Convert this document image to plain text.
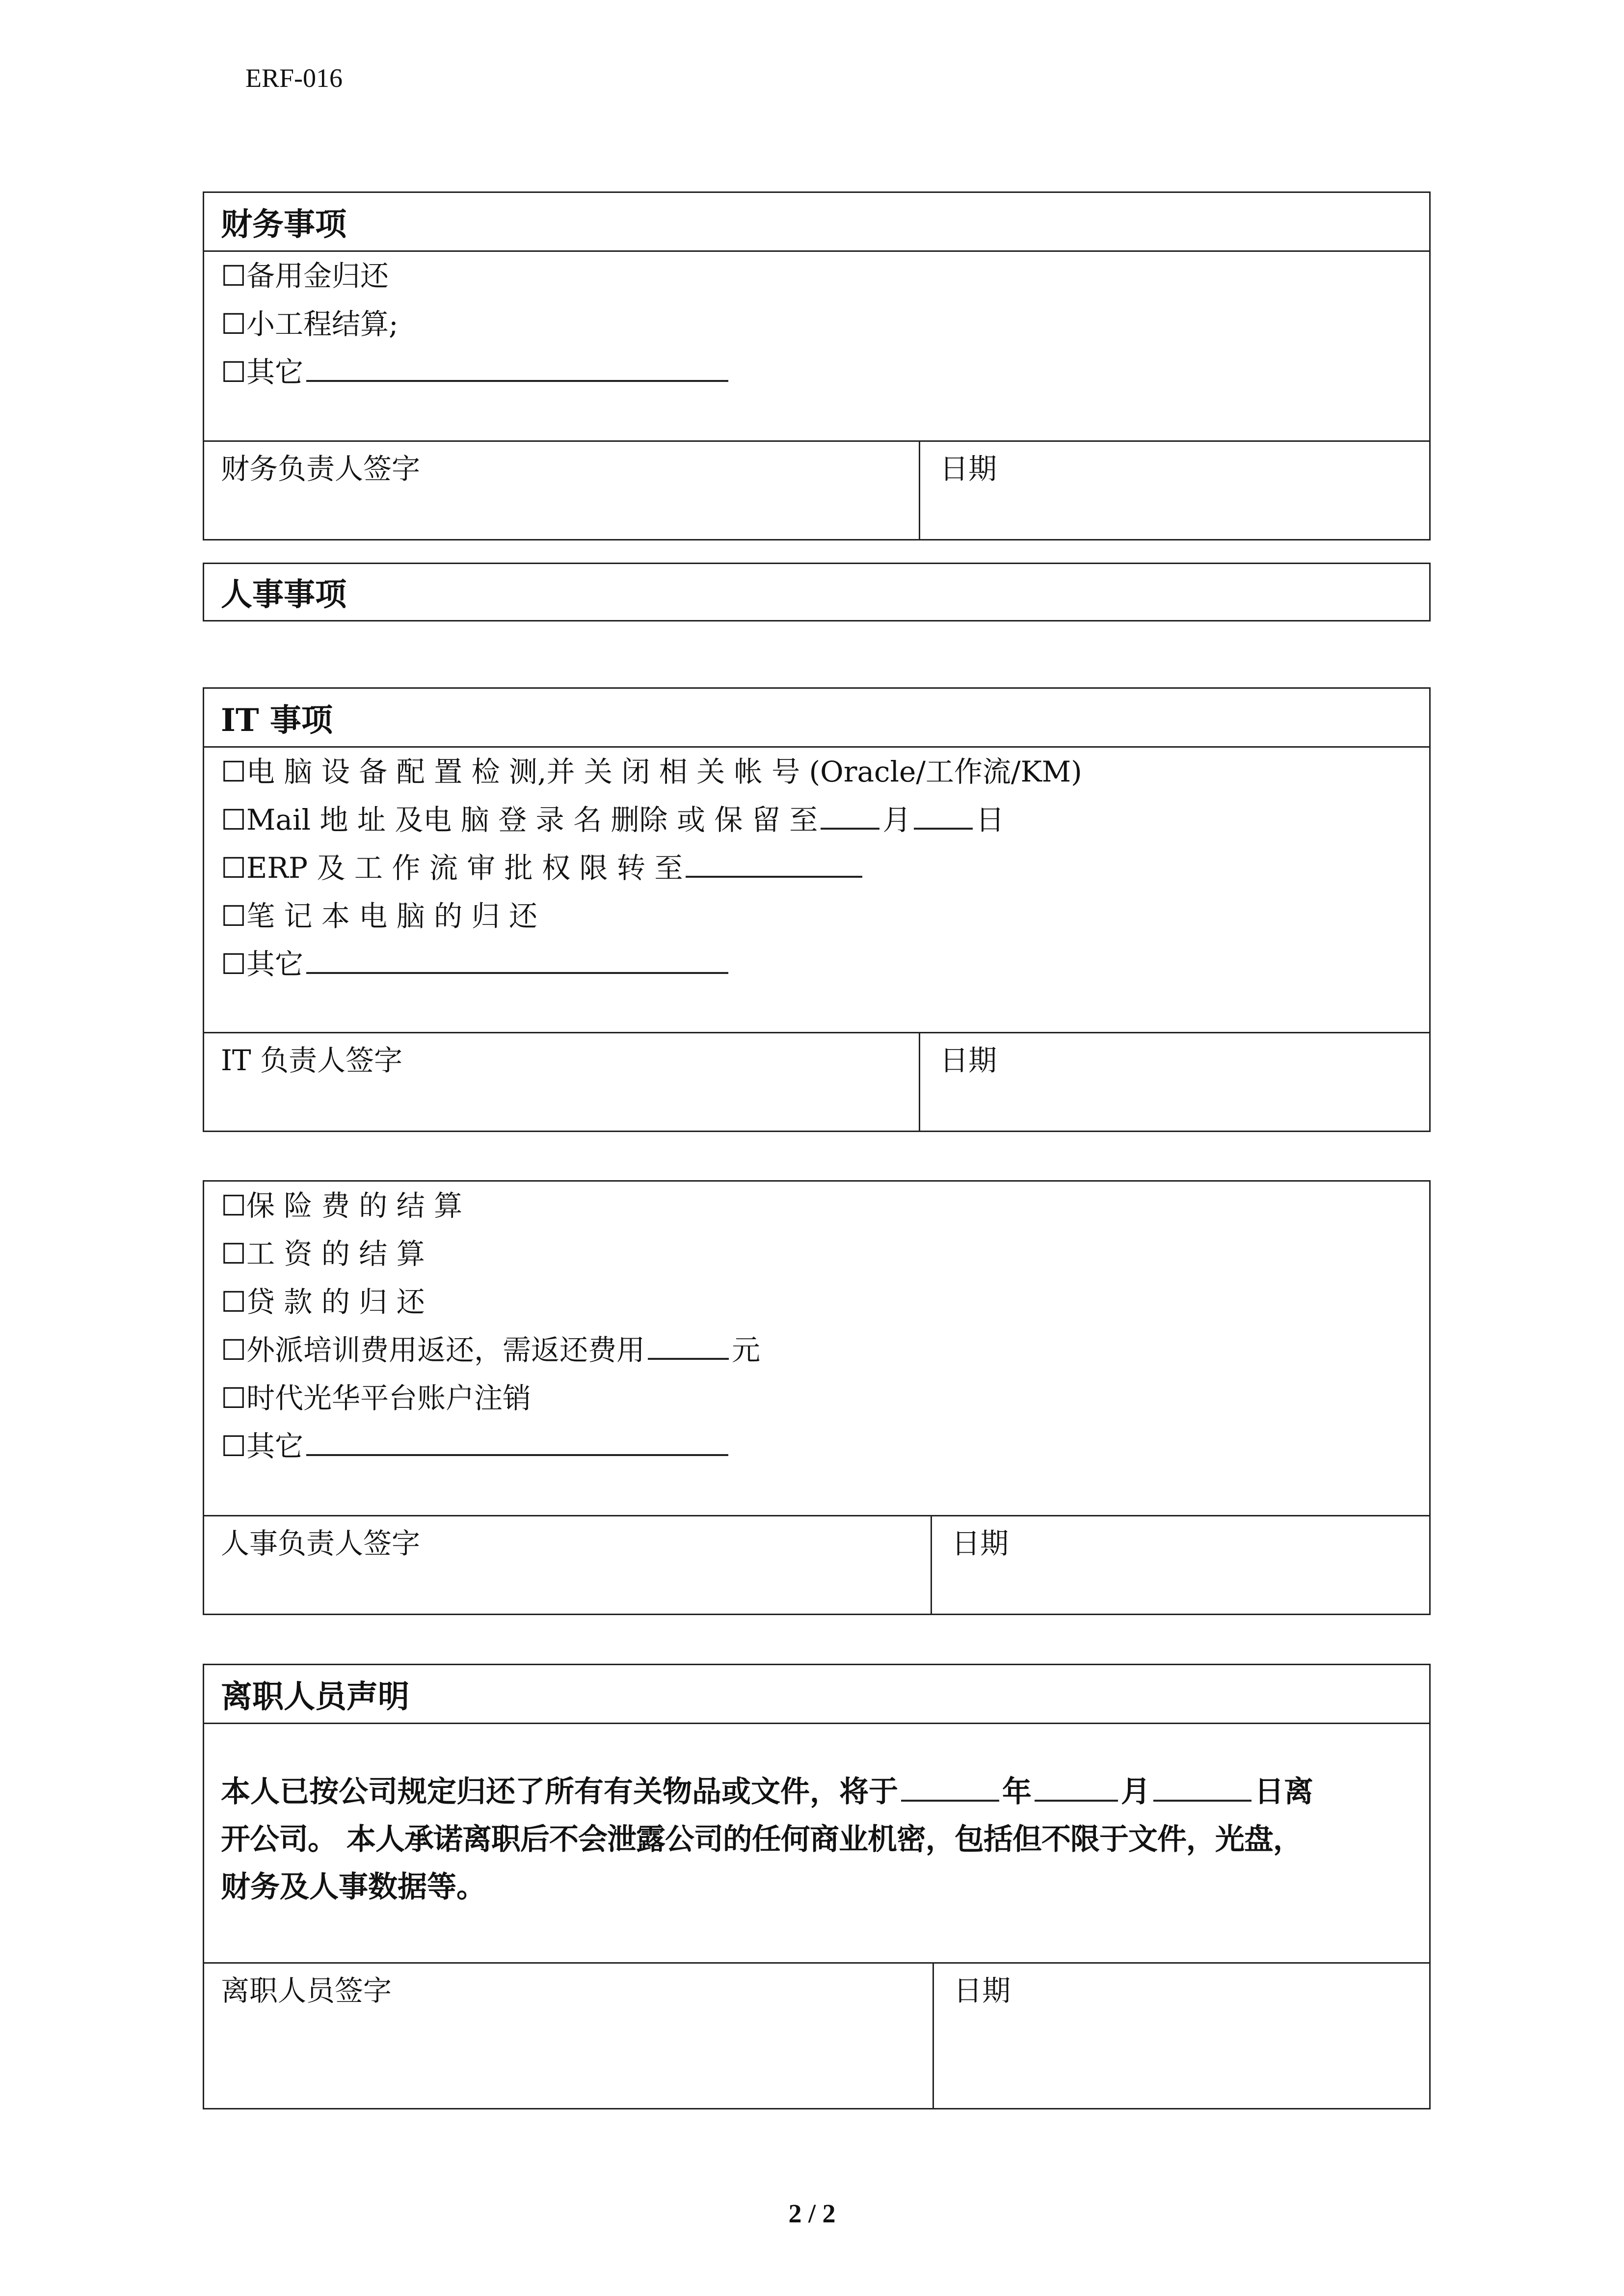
ERF-016
财务事项
☐备用金归还
☐小工程结算;
☐其它
财务负责人签字	日期
人事事项
IT 事项
☐电 脑 设 备 配 置 检 测,并 关 闭 相 关 帐 号 (Oracle/工作流/KM)
☐Mail 地 址 及电 脑 登 录 名 删除 或 保 留 至 月 日
☐ERP 及 工 作 流 审 批 权 限 转 至
☐笔 记 本 电 脑 的 归 还
☐其它
IT 负责人签字	日期
☐保 险 费 的 结 算
☐工 资 的 结 算
☐贷 款 的 归 还
☐外派培训费用返还，需返还费用	元
☐时代光华平台账户注销
☐其它
人事负责人签字	日期
离职人员声明
本人已按公司规定归还了所有有关物品或文件，将于	年	月	日离
开公司。 本人承诺离职后不会泄露公司的任何商业机密，包括但不限于文件，光盘，
财务及人事数据等。
离职人员签字	日期
2 / 2
